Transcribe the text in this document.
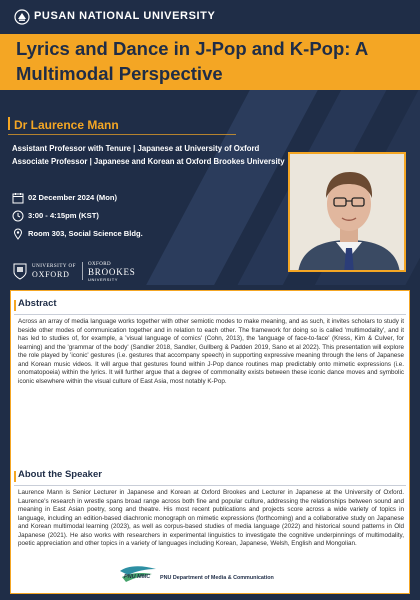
PUSAN NATIONAL UNIVERSITY
Lyrics and Dance in J-Pop and K-Pop: A Multimodal Perspective
Dr Laurence Mann
Assistant Professor with Tenure | Japanese at University of Oxford
Associate Professor | Japanese and Korean at Oxford Brookes University
02 December 2024 (Mon)
3:00 - 4:15pm (KST)
Room 303, Social Science Bldg.
UNIVERSITY OF
OXFORD
OXFORD
BROOKES
UNIVERSITY
Abstract
Across an array of media language works together with other semiotic modes to make meaning, and as such, it invites scholars to study it beside other modes of communication together and in relation to each other. The framework for doing so is called 'multimodality', and it has led to studies of, for example, a 'visual language of comics' (Cohn, 2013), the 'language of face-to-face' (Kress, Kim & Culver, for learning) and the 'grammar of the body' (Sandler 2018, Sandler, Gullberg & Padden 2019, Sano et al 2022). This presentation will explore the role played by 'iconic' gestures (i.e. gestures that accompany speech) in supporting expressive meaning through the lens of Japanese and Korean music videos. It will argue that gestures found within J-Pop dance routines map predictably onto mimetic expressions (i.e. onomatopoeia) within the lyrics. It will further argue that a degree of commonality exists between these iconic dance moves and symbolic iconic elsewhere within the visual culture of East Asia, most notably K-Pop.
About the Speaker
Laurence Mann is Senior Lecturer in Japanese and Korean at Oxford Brookes and Lecturer in Japanese at the University of Oxford. Laurence's research in wrestle spans broad range across both fine and popular culture, addressing the relationships between sound and meaning in East Asian poetry, song and theatre. His most recent publications and projects score across a wide variety of topics in language, including an edition-based diachronic monograph on mimetic expressions (forthcoming) and a collaborative study on Japanese and Korean multimodal learning (2023), as well as corpus-based studies of media language (2022) and historical sound patterns in Old Japanese (2021). He also works with researchers in experimental linguistics to investigate the cognitive underpinnings of multimodality, poetic appreciation and other topics in a variety of languages including Korean, Japanese, Welsh, English and Mongolian.
PNU MMC PNU Department of Media & Communication
